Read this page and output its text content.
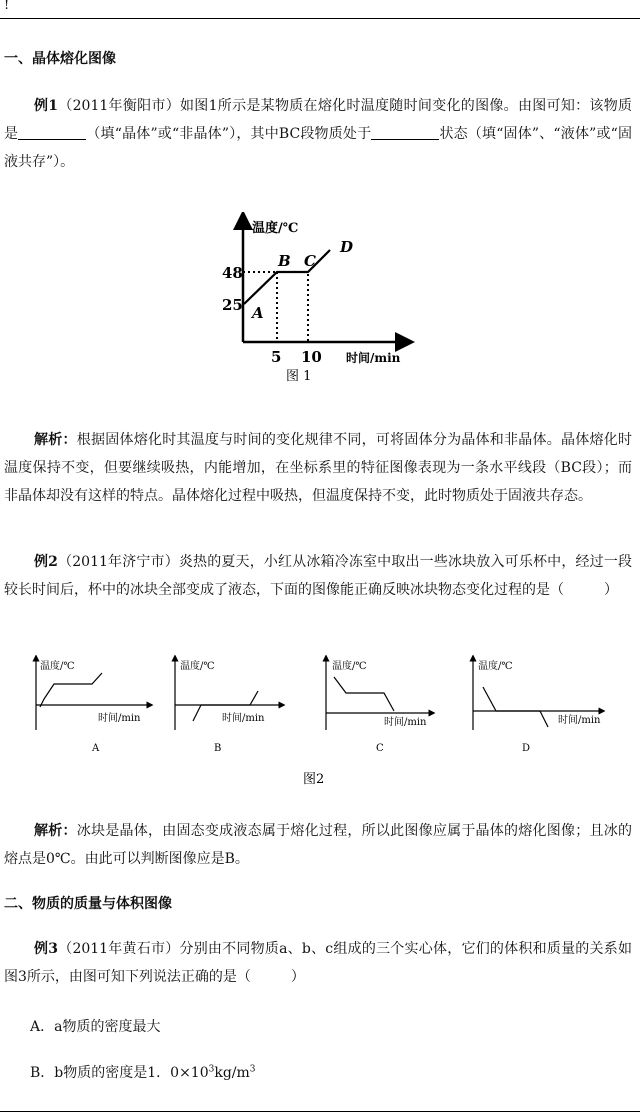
!
一、晶体熔化图像

例1（2011年衡阳市）如图1所示是某物质在熔化时温度随时间变化的图像。由图可知：该物质是	（填“晶体”或“非晶体”），其中BC段物质处于	状态（填“固体”、“液体”或“固液共存”）。

温度/℃
时间/min
48
25
5 10
A
B C
D
图 1

解析：根据固体熔化时其温度与时间的变化规律不同，可将固体分为晶体和非晶体。晶体熔化时温度保持不变，但要继续吸热，内能增加，在坐标系里的特征图像表现为一条水平线段（BC段）；而非晶体却没有这样的特点。晶体熔化过程中吸热，但温度保持不变，此时物质处于固液共存态。

例2（2011年济宁市）炎热的夏天，小红从冰箱冷冻室中取出一些冰块放入可乐杯中，经过一段较长时间后，杯中的冰块全部变成了液态，下面的图像能正确反映冰块物态变化过程的是（	）

温度/℃
时间/min
A
温度/℃
时间/min
B
温度/℃
时间/min
C
温度/℃
时间/min
D
图2

解析：冰块是晶体，由固态变成液态属于熔化过程，所以此图像应属于晶体的熔化图像；且冰的熔点是0℃。由此可以判断图像应是B。

二、物质的质量与体积图像

例3（2011年黄石市）分别由不同物质a、b、c组成的三个实心体，它们的体积和质量的关系如图3所示，由图可知下列说法正确的是（	）

A．a物质的密度最大
B．b物质的密度是1．$0\times 10^3kg/m^3$
